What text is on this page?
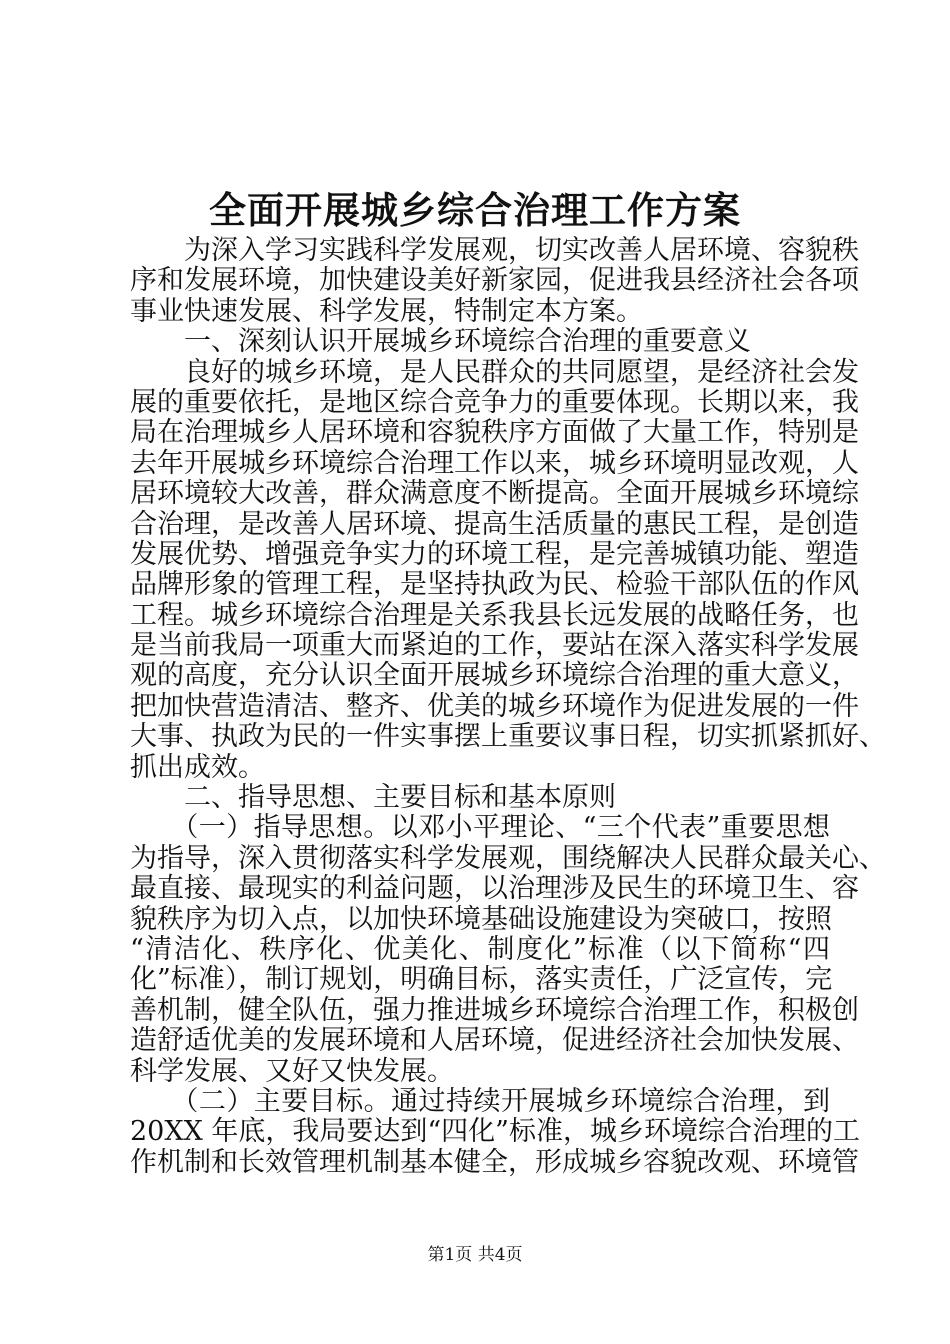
全面开展城乡综合治理工作方案

　　为深入学习实践科学发展观，切实改善人居环境、容貌秩

序和发展环境，加快建设美好新家园，促进我县经济社会各项

事业快速发展、科学发展，特制定本方案。

　　一、深刻认识开展城乡环境综合治理的重要意义

　　良好的城乡环境，是人民群众的共同愿望，是经济社会发

展的重要依托，是地区综合竞争力的重要体现。长期以来，我

局在治理城乡人居环境和容貌秩序方面做了大量工作，特别是

去年开展城乡环境综合治理工作以来，城乡环境明显改观，人

居环境较大改善，群众满意度不断提高。全面开展城乡环境综

合治理，是改善人居环境、提高生活质量的惠民工程，是创造

发展优势、增强竞争实力的环境工程，是完善城镇功能、塑造

品牌形象的管理工程，是坚持执政为民、检验干部队伍的作风

工程。城乡环境综合治理是关系我县长远发展的战略任务，也

是当前我局一项重大而紧迫的工作，要站在深入落实科学发展

观的高度，充分认识全面开展城乡环境综合治理的重大意义，

把加快营造清洁、整齐、优美的城乡环境作为促进发展的一件

大事、执政为民的一件实事摆上重要议事日程，切实抓紧抓好、

抓出成效。

　　二、指导思想、主要目标和基本原则

　　（一）指导思想。以邓小平理论、“三个代表”重要思想

为指导，深入贯彻落实科学发展观，围绕解决人民群众最关心、

最直接、最现实的利益问题，以治理涉及民生的环境卫生、容

貌秩序为切入点，以加快环境基础设施建设为突破口，按照

“清洁化、秩序化、优美化、制度化”标准（以下简称“四

化”标准），制订规划，明确目标，落实责任，广泛宣传，完

善机制，健全队伍，强力推进城乡环境综合治理工作，积极创

造舒适优美的发展环境和人居环境，促进经济社会加快发展、

科学发展、又好又快发展。

　　（二）主要目标。通过持续开展城乡环境综合治理，到

20XX 年底，我局要达到“四化”标准，城乡环境综合治理的工

作机制和长效管理机制基本健全，形成城乡容貌改观、环境管

第1页 共4页
